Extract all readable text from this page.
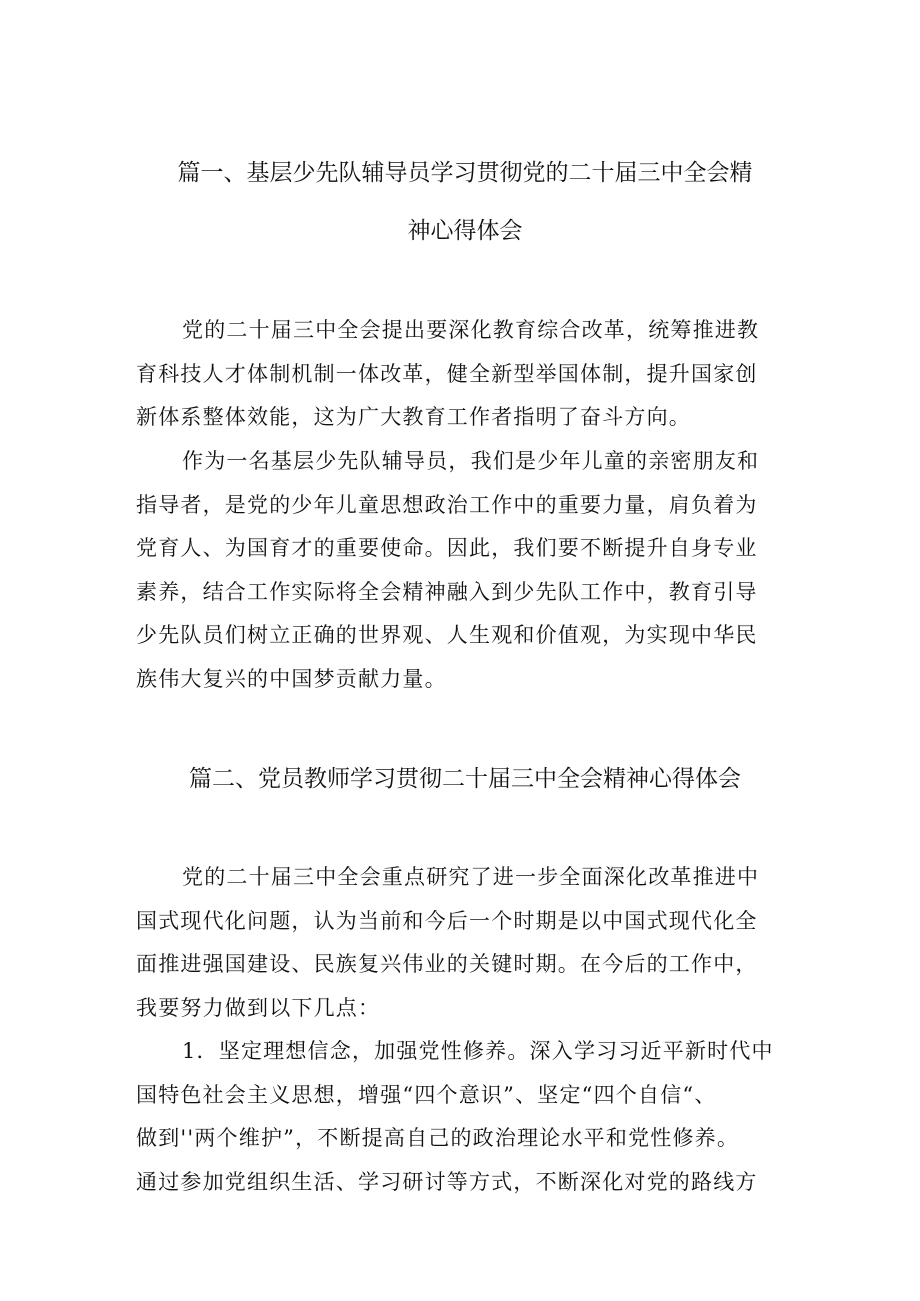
篇一、基层少先队辅导员学习贯彻党的二十届三中全会精
神心得体会
党的二十届三中全会提出要深化教育综合改革，统筹推进教
育科技人才体制机制一体改革，健全新型举国体制，提升国家创
新体系整体效能，这为广大教育工作者指明了奋斗方向。
作为一名基层少先队辅导员，我们是少年儿童的亲密朋友和
指导者，是党的少年儿童思想政治工作中的重要力量，肩负着为
党育人、为国育才的重要使命。因此，我们要不断提升自身专业
素养，结合工作实际将全会精神融入到少先队工作中，教育引导
少先队员们树立正确的世界观、人生观和价值观，为实现中华民
族伟大复兴的中国梦贡献力量。
篇二、党员教师学习贯彻二十届三中全会精神心得体会
党的二十届三中全会重点研究了进一步全面深化改革推进中
国式现代化问题，认为当前和今后一个时期是以中国式现代化全
面推进强国建设、民族复兴伟业的关键时期。在今后的工作中，
我要努力做到以下几点：
1．坚定理想信念，加强党性修养。深入学习习近平新时代中
国特色社会主义思想，增强“四个意识”、坚定“四个自信“、
做到''两个维护”，不断提高自己的政治理论水平和党性修养。
通过参加党组织生活、学习研讨等方式，不断深化对党的路线方
